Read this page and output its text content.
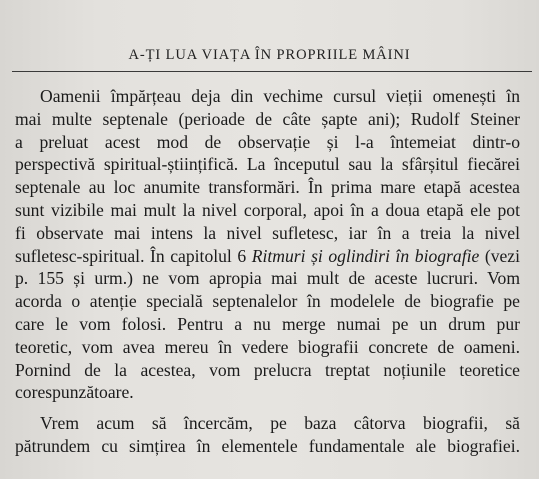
A-ȚI LUA VIAȚA ÎN PROPRIILE MÂINI

Oamenii împărțeau deja din vechime cursul vieții omenești în
mai multe septenale (perioade de câte șapte ani); Rudolf Steiner
a preluat acest mod de observație și l-a întemeiat dintr-o
perspectivă spiritual-științifică. La începutul sau la sfârșitul fiecărei
septenale au loc anumite transformări. În prima mare etapă acestea
sunt vizibile mai mult la nivel corporal, apoi în a doua etapă ele pot
fi observate mai intens la nivel sufletesc, iar în a treia la nivel
sufletesc-spiritual. În capitolul 6 Ritmuri și oglindiri în biografie (vezi
p. 155 și urm.) ne vom apropia mai mult de aceste lucruri. Vom
acorda o atenție specială septenalelor în modelele de biografie pe
care le vom folosi. Pentru a nu merge numai pe un drum pur
teoretic, vom avea mereu în vedere biografii concrete de oameni.
Pornind de la acestea, vom prelucra treptat noțiunile teoretice
corespunzătoare.

Vrem acum să încercăm, pe baza câtorva biografii, să
pătrundem cu simțirea în elementele fundamentale ale biografiei.
